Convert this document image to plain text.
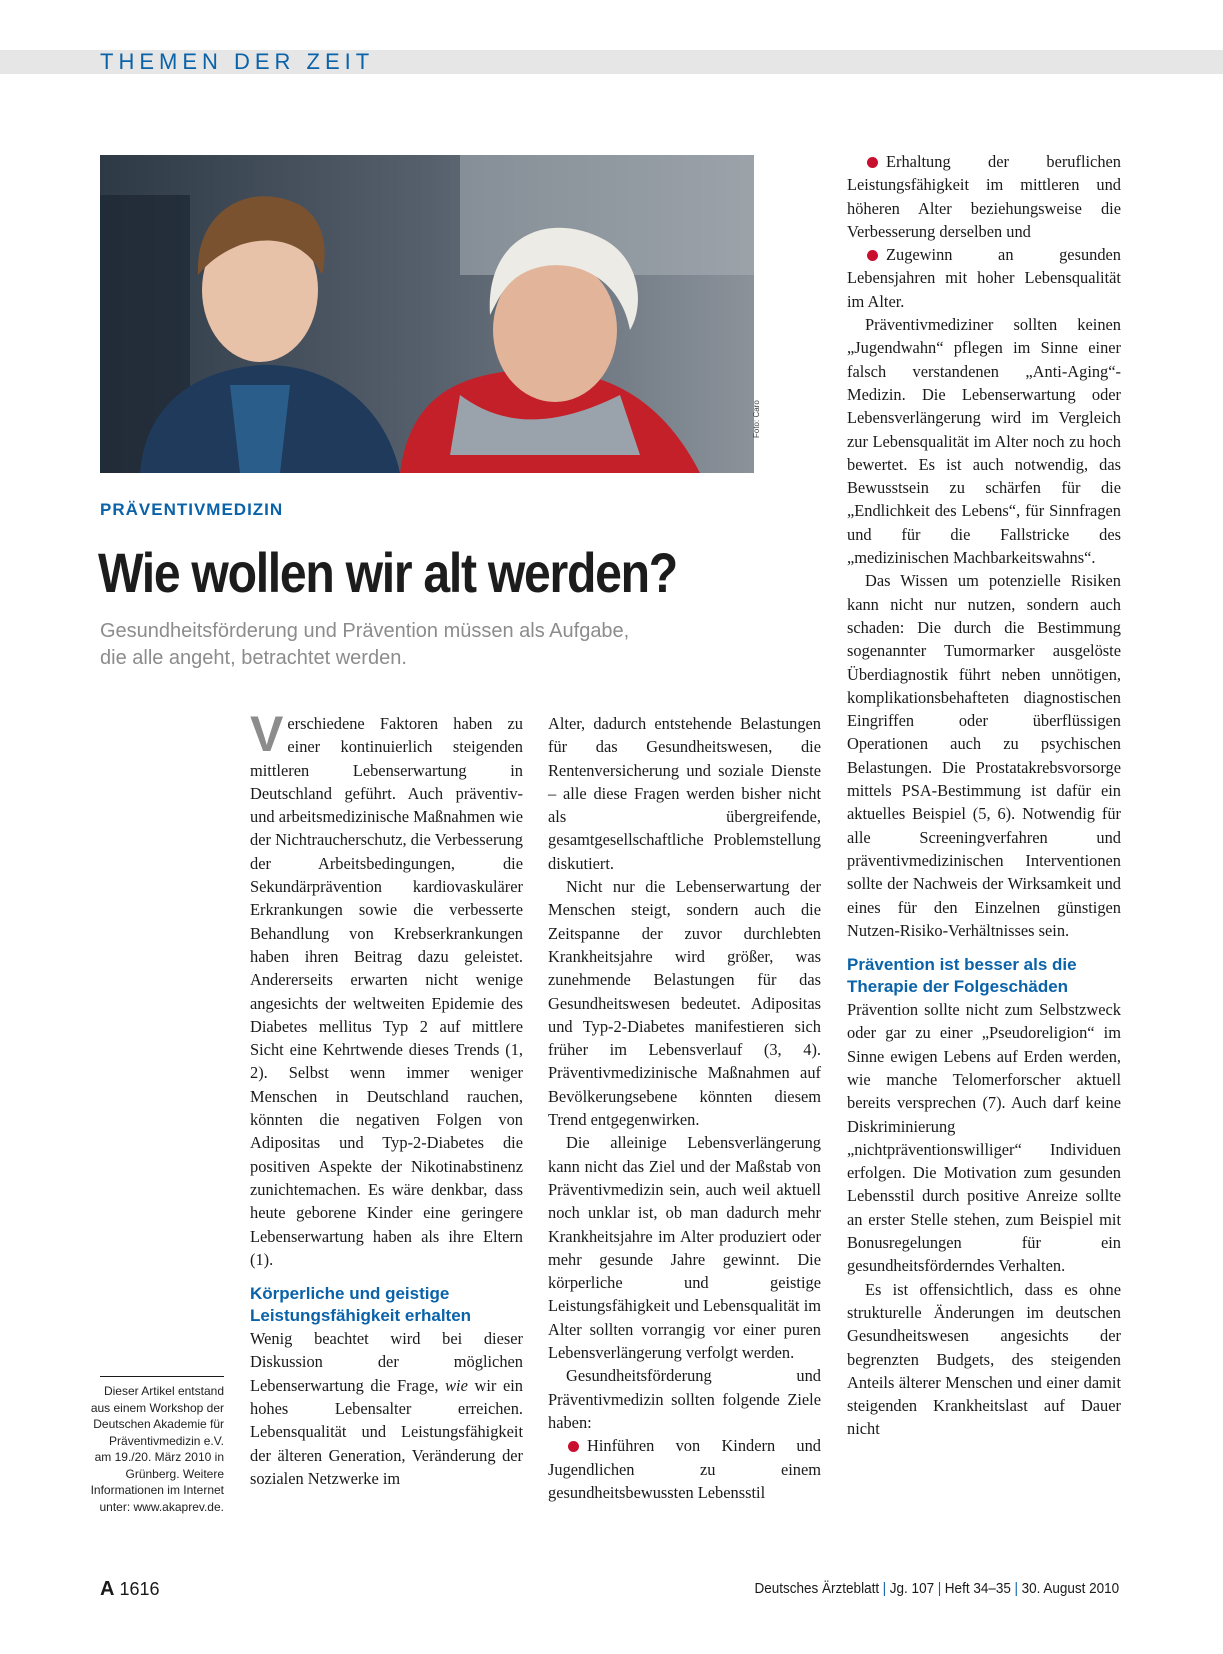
THEMEN DER ZEIT
Foto: Caro
PRÄVENTIVMEDIZIN
Wie wollen wir alt werden?

Gesundheitsförderung und Prävention müssen als Aufgabe, die alle angeht, betrachtet werden.

Verschiedene Faktoren haben zu einer kontinuierlich steigenden mittleren Lebenserwartung in Deutschland geführt. Auch präventiv- und arbeitsmedizinische Maßnahmen wie der Nichtraucherschutz, die Verbesserung der Arbeitsbedingungen, die Sekundärprävention kardiovaskulärer Erkrankungen sowie die verbesserte Behandlung von Krebserkrankungen haben ihren Beitrag dazu geleistet. Andererseits erwarten nicht wenige angesichts der weltweiten Epidemie des Diabetes mellitus Typ 2 auf mittlere Sicht eine Kehrtwende dieses Trends (1, 2). Selbst wenn immer weniger Menschen in Deutschland rauchen, könnten die negativen Folgen von Adipositas und Typ-2-Diabetes die positiven Aspekte der Nikotinabstinenz zunichtemachen. Es wäre denkbar, dass heute geborene Kinder eine geringere Lebenserwartung haben als ihre Eltern (1).

Körperliche und geistige Leistungsfähigkeit erhalten

Wenig beachtet wird bei dieser Diskussion der möglichen Lebenserwartung die Frage, wie wir ein hohes Lebensalter erreichen. Lebensqualität und Leistungsfähigkeit der älteren Generation, Veränderung der sozialen Netzwerke im

Alter, dadurch entstehende Belastungen für das Gesundheitswesen, die Rentenversicherung und soziale Dienste – alle diese Fragen werden bisher nicht als übergreifende, gesamtgesellschaftliche Problemstellung diskutiert.

Nicht nur die Lebenserwartung der Menschen steigt, sondern auch die Zeitspanne der zuvor durchlebten Krankheitsjahre wird größer, was zunehmende Belastungen für das Gesundheitswesen bedeutet. Adipositas und Typ-2-Diabetes manifestieren sich früher im Lebensverlauf (3, 4). Präventivmedizinische Maßnahmen auf Bevölkerungsebene könnten diesem Trend entgegenwirken.

Die alleinige Lebensverlängerung kann nicht das Ziel und der Maßstab von Präventivmedizin sein, auch weil aktuell noch unklar ist, ob man dadurch mehr Krankheitsjahre im Alter produziert oder mehr gesunde Jahre gewinnt. Die körperliche und geistige Leistungsfähigkeit und Lebensqualität im Alter sollten vorrangig vor einer puren Lebensverlängerung verfolgt werden.

Gesundheitsförderung und Präventivmedizin sollten folgende Ziele haben:

Hinführen von Kindern und Jugendlichen zu einem gesundheitsbewussten Lebensstil

Erhaltung der beruflichen Leistungsfähigkeit im mittleren und höheren Alter beziehungsweise die Verbesserung derselben und

Zugewinn an gesunden Lebensjahren mit hoher Lebensqualität im Alter.

Präventivmediziner sollten keinen „Jugendwahn“ pflegen im Sinne einer falsch verstandenen „Anti-Aging“-Medizin. Die Lebenserwartung oder Lebensverlängerung wird im Vergleich zur Lebensqualität im Alter noch zu hoch bewertet. Es ist auch notwendig, das Bewusstsein zu schärfen für die „Endlichkeit des Lebens“, für Sinnfragen und für die Fallstricke des „medizinischen Machbarkeitswahns“.

Das Wissen um potenzielle Risiken kann nicht nur nutzen, sondern auch schaden: Die durch die Bestimmung sogenannter Tumormarker ausgelöste Überdiagnostik führt neben unnötigen, komplikationsbehafteten diagnostischen Eingriffen oder überflüssigen Operationen auch zu psychischen Belastungen. Die Prostatakrebsvorsorge mittels PSA-Bestimmung ist dafür ein aktuelles Beispiel (5, 6). Notwendig für alle Screeningverfahren und präventivmedizinischen Interventionen sollte der Nachweis der Wirksamkeit und eines für den Einzelnen günstigen Nutzen-Risiko-Verhältnisses sein.

Prävention ist besser als die Therapie der Folgeschäden

Prävention sollte nicht zum Selbstzweck oder gar zu einer „Pseudoreligion“ im Sinne ewigen Lebens auf Erden werden, wie manche Telomerforscher aktuell bereits versprechen (7). Auch darf keine Diskriminierung „nichtpräventionswilliger“ Individuen erfolgen. Die Motivation zum gesunden Lebensstil durch positive Anreize sollte an erster Stelle stehen, zum Beispiel mit Bonusregelungen für ein gesundheitsförderndes Verhalten.

Es ist offensichtlich, dass es ohne strukturelle Änderungen im deutschen Gesundheitswesen angesichts der begrenzten Budgets, des steigenden Anteils älterer Menschen und einer damit steigenden Krankheitslast auf Dauer nicht

Dieser Artikel entstand aus einem Workshop der Deutschen Akademie für Präventivmedizin e.V. am 19./20. März 2010 in Grünberg. Weitere Informationen im Internet unter: www.akaprev.de.
A 1616	Deutsches Ärzteblatt | Jg. 107 | Heft 34–35 | 30. August 2010
